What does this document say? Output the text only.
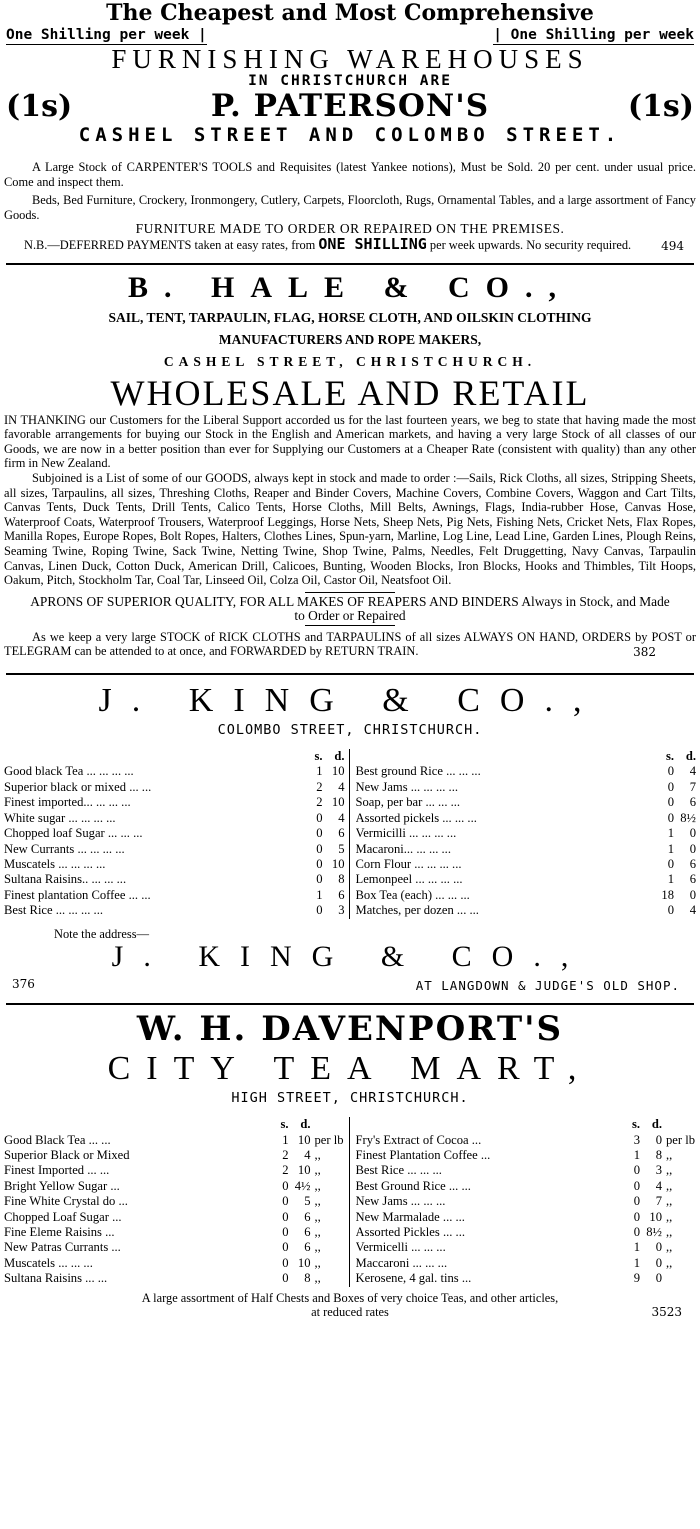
The Cheapest and Most Comprehensive
One Shilling per week |	| One Shilling per week
FURNISHING WAREHOUSES
IN CHRISTCHURCH ARE
(1s)	P. PATERSON'S	(1s)
CASHEL STREET AND COLOMBO STREET.

A Large Stock of CARPENTER'S TOOLS and Requisites (latest Yankee notions), Must be Sold. 20 per cent. under usual price. Come and inspect them.

Beds, Bed Furniture, Crockery, Ironmongery, Cutlery, Carpets, Floorcloth, Rugs, Ornamental Tables, and a large assortment of Fancy Goods.

FURNITURE MADE TO ORDER OR REPAIRED ON THE PREMISES.

N.B.—DEFERRED PAYMENTS taken at easy rates, from ONE SHILLING per week upwards. No security required.	494
B. HALE & CO.,
SAIL, TENT, TARPAULIN, FLAG, HORSE CLOTH, AND OILSKIN CLOTHING
MANUFACTURERS AND ROPE MAKERS,
CASHEL STREET, CHRISTCHURCH.
WHOLESALE AND RETAIL

IN THANKING our Customers for the Liberal Support accorded us for the last fourteen years, we beg to state that having made the most favorable arrangements for buying our Stock in the English and American markets, and having a very large Stock of all classes of our Goods, we are now in a better position than ever for Supplying our Customers at a Cheaper Rate (consistent with quality) than any other firm in New Zealand.

Subjoined is a List of some of our GOODS, always kept in stock and made to order :—Sails, Rick Cloths, all sizes, Stripping Sheets, all sizes, Tarpaulins, all sizes, Threshing Cloths, Reaper and Binder Covers, Machine Covers, Combine Covers, Waggon and Cart Tilts, Canvas Tents, Duck Tents, Drill Tents, Calico Tents, Horse Cloths, Mill Belts, Awnings, Flags, India-rubber Hose, Canvas Hose, Waterproof Coats, Waterproof Trousers, Waterproof Leggings, Horse Nets, Sheep Nets, Pig Nets, Fishing Nets, Cricket Nets, Flax Ropes, Manilla Ropes, Europe Ropes, Bolt Ropes, Halters, Clothes Lines, Spun-yarn, Marline, Log Line, Lead Line, Garden Lines, Plough Reins, Seaming Twine, Roping Twine, Sack Twine, Netting Twine, Shop Twine, Palms, Needles, Felt Druggetting, Navy Canvas, Tarpaulin Canvas, Linen Duck, Cotton Duck, American Drill, Calicoes, Bunting, Wooden Blocks, Iron Blocks, Hooks and Thimbles, Tilt Hoops, Oakum, Pitch, Stockholm Tar, Coal Tar, Linseed Oil, Colza Oil, Castor Oil, Neatsfoot Oil.

APRONS OF SUPERIOR QUALITY, FOR ALL MAKES OF REAPERS AND BINDERS Always in Stock, and Made to Order or Repaired

As we keep a very large STOCK of RICK CLOTHS and TARPAULINS of all sizes ALWAYS ON HAND, ORDERS by POST or TELEGRAM can be attended to at once, and FORWARDED by RETURN TRAIN.	382
J. KING & CO.,
COLOMBO STREET, CHRISTCHURCH.
s. d.
Good black Tea ... ... ... ...	1 10
Superior black or mixed ... ...	2	4
Finest imported... ... ... ...	2 10
White sugar ... ... ... ...	0	4
Chopped loaf Sugar ... ... ...	0	6
New Currants ... ... ... ...	0	5
Muscatels ... ... ... ...	0 10
Sultana Raisins.. ... ... ...	0	8
Finest plantation Coffee ... ...	1	6
Best Rice ... ... ... ...	0	3
s. d.
Best ground Rice ... ... ...	0	4
New Jams ... ... ... ...	0	7
Soap, per bar ... ... ...	0	6
Assorted pickels ... ... ...	0 8½
Vermicilli ... ... ... ...	1	0
Macaroni... ... ... ...	1	0
Corn Flour ... ... ... ...	0	6
Lemonpeel ... ... ... ...	1	6
Box Tea (each) ... ... ...	18	0
Matches, per dozen ... ...	0	4
Note the address—
J. KING & CO.,
376	AT LANGDOWN & JUDGE'S OLD SHOP.
W. H. DAVENPORT'S
CITY TEA MART,
HIGH STREET, CHRISTCHURCH.
s. d.
Good Black Tea ... ...	1 10 per lb
Superior Black or Mixed	2	4 ,,
Finest Imported ... ...	2 10 ,,
Bright Yellow Sugar ...	0 4½ ,,
Fine White Crystal do ...	0	5 ,,
Chopped Loaf Sugar ...	0	6 ,,
Fine Eleme Raisins ...	0	6 ,,
New Patras Currants ...	0	6 ,,
Muscatels ... ... ...	0 10 ,,
Sultana Raisins ... ...	0	8 ,,
s. d.
Fry's Extract of Cocoa ...	3	0 per lb
Finest Plantation Coffee ...	1	8 ,,
Best Rice ... ... ...	0	3 ,,
Best Ground Rice ... ...	0	4 ,,
New Jams ... ... ...	0	7 ,,
New Marmalade ... ...	0 10 ,,
Assorted Pickles ... ...	0 8½ ,,
Vermicelli ... ... ...	1	0 ,,
Maccaroni ... ... ...	1	0 ,,
Kerosene, 4 gal. tins ...	9	0
A large assortment of Half Chests and Boxes of very choice Teas, and other articles,
at reduced rates	3523
